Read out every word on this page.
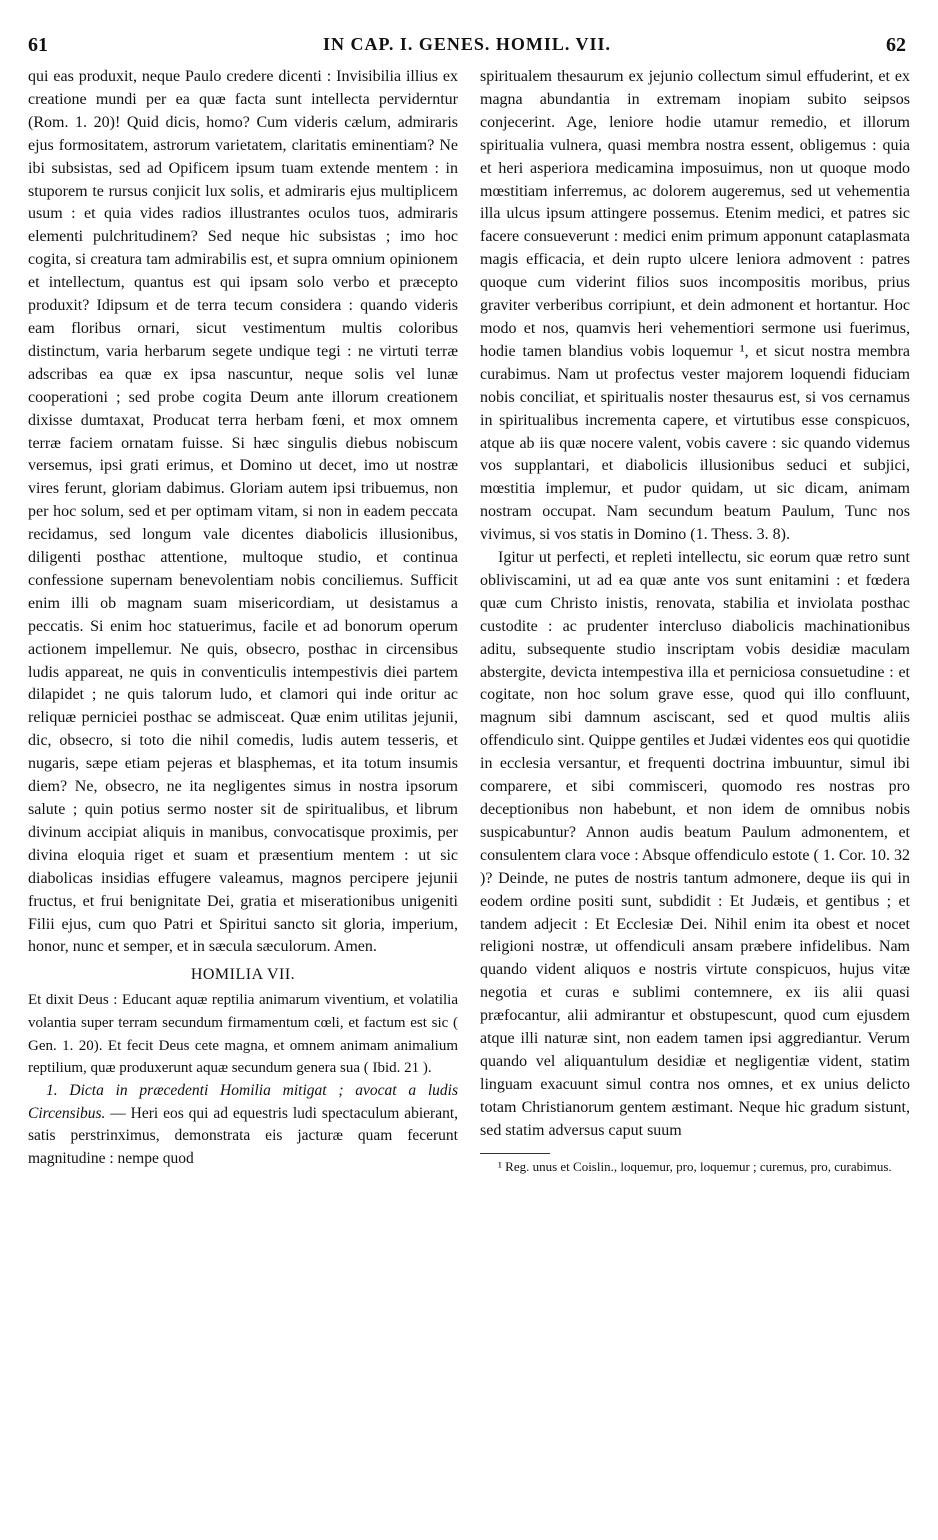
61	IN CAP. I. GENES. HOMIL. VII.	62

qui eas produxit, neque Paulo credere dicenti : Invisibilia illius ex creatione mundi per ea quæ facta sunt intellecta perviderntur (Rom. 1. 20)! Quid dicis, homo? Cum videris cælum, admiraris ejus formositatem, astrorum varietatem, claritatis eminentiam? Ne ibi subsistas, sed ad Opificem ipsum tuam extende mentem : in stuporem te rursus conjicit lux solis, et admiraris ejus multiplicem usum : et quia vides radios illustrantes oculos tuos, admiraris elementi pulchritudinem? Sed neque hic subsistas ; imo hoc cogita, si creatura tam admirabilis est, et supra omnium opinionem et intellectum, quantus est qui ipsam solo verbo et præcepto produxit? Idipsum et de terra tecum considera : quando videris eam floribus ornari, sicut vestimentum multis coloribus distinctum, varia herbarum segete undique tegi : ne virtuti terræ adscribas ea quæ ex ipsa nascuntur, neque solis vel lunæ cooperationi ; sed probe cogita Deum ante illorum creationem dixisse dumtaxat, Producat terra herbam fœni, et mox omnem terræ faciem ornatam fuisse. Si hæc singulis diebus nobiscum versemus, ipsi grati erimus, et Domino ut decet, imo ut nostræ vires ferunt, gloriam dabimus. Gloriam autem ipsi tribuemus, non per hoc solum, sed et per optimam vitam, si non in eadem peccata recidamus, sed longum vale dicentes diabolicis illusionibus, diligenti posthac attentione, multoque studio, et continua confessione supernam benevolentiam nobis conciliemus. Sufficit enim illi ob magnam suam misericordiam, ut desistamus a peccatis. Si enim hoc statuerimus, facile et ad bonorum operum actionem impellemur. Ne quis, obsecro, posthac in circensibus ludis appareat, ne quis in conventiculis intempestivis diei partem dilapidet ; ne quis talorum ludo, et clamori qui inde oritur ac reliquæ perniciei posthac se admisceat. Quæ enim utilitas jejunii, dic, obsecro, si toto die nihil comedis, ludis autem tesseris, et nugaris, sæpe etiam pejeras et blasphemas, et ita totum insumis diem? Ne, obsecro, ne ita negligentes simus in nostra ipsorum salute ; quin potius sermo noster sit de spiritualibus, et librum divinum accipiat aliquis in manibus, convocatisque proximis, per divina eloquia riget et suam et præsentium mentem : ut sic diabolicas insidias effugere valeamus, magnos percipere jejunii fructus, et frui benignitate Dei, gratia et miserationibus unigeniti Filii ejus, cum quo Patri et Spiritui sancto sit gloria, imperium, honor, nunc et semper, et in sæcula sæculorum. Amen.

HOMILIA VII.

Et dixit Deus : Educant aquæ reptilia animarum viventium, et volatilia volantia super terram secundum firmamentum cœli, et factum est sic ( Gen. 1. 20). Et fecit Deus cete magna, et omnem animam animalium reptilium, quæ produxerunt aquæ secundum genera sua ( Ibid. 21 ).

1. Dicta in præcedenti Homilia mitigat ; avocat a ludis Circensibus. — Heri eos qui ad equestris ludi spectaculum abierant, satis perstrinximus, demonstrata eis jacturæ quam fecerunt magnitudine : nempe quod

spiritualem thesaurum ex jejunio collectum simul effuderint, et ex magna abundantia in extremam inopiam subito seipsos conjecerint. Age, leniore hodie utamur remedio, et illorum spiritualia vulnera, quasi membra nostra essent, obligemus : quia et heri asperiora medicamina imposuimus, non ut quoque modo mœstitiam inferremus, ac dolorem augeremus, sed ut vehementia illa ulcus ipsum attingere possemus. Etenim medici, et patres sic facere consueverunt : medici enim primum apponunt cataplasmata magis efficacia, et dein rupto ulcere leniora admovent : patres quoque cum viderint filios suos incompositis moribus, prius graviter verberibus corripiunt, et dein admonent et hortantur. Hoc modo et nos, quamvis heri vehementiori sermone usi fuerimus, hodie tamen blandius vobis loquemur ¹, et sicut nostra membra curabimus. Nam ut profectus vester majorem loquendi fiduciam nobis conciliat, et spiritualis noster thesaurus est, si vos cernamus in spiritualibus incrementa capere, et virtutibus esse conspicuos, atque ab iis quæ nocere valent, vobis cavere : sic quando videmus vos supplantari, et diabolicis illusionibus seduci et subjici, mœstitia implemur, et pudor quidam, ut sic dicam, animam nostram occupat. Nam secundum beatum Paulum, Tunc nos vivimus, si vos statis in Domino (1. Thess. 3. 8).

Igitur ut perfecti, et repleti intellectu, sic eorum quæ retro sunt obliviscamini, ut ad ea quæ ante vos sunt enitamini : et fœdera quæ cum Christo inistis, renovata, stabilia et inviolata posthac custodite : ac prudenter intercluso diabolicis machinationibus aditu, subsequente studio inscriptam vobis desidiæ maculam abstergite, devicta intempestiva illa et perniciosa consuetudine : et cogitate, non hoc solum grave esse, quod qui illo confluunt, magnum sibi damnum asciscant, sed et quod multis aliis offendiculo sint. Quippe gentiles et Judæi videntes eos qui quotidie in ecclesia versantur, et frequenti doctrina imbuuntur, simul ibi comparere, et sibi commisceri, quomodo res nostras pro deceptionibus non habebunt, et non idem de omnibus nobis suspicabuntur? Annon audis beatum Paulum admonentem, et consulentem clara voce : Absque offendiculo estote ( 1. Cor. 10. 32 )? Deinde, ne putes de nostris tantum admonere, deque iis qui in eodem ordine positi sunt, subdidit : Et Judæis, et gentibus ; et tandem adjecit : Et Ecclesiæ Dei. Nihil enim ita obest et nocet religioni nostræ, ut offendiculi ansam præbere infidelibus. Nam quando vident aliquos e nostris virtute conspicuos, hujus vitæ negotia et curas e sublimi contemnere, ex iis alii quasi præfocantur, alii admirantur et obstupescunt, quod cum ejusdem atque illi naturæ sint, non eadem tamen ipsi aggrediantur. Verum quando vel aliquantulum desidiæ et negligentiæ vident, statim linguam exacuunt simul contra nos omnes, et ex unius delicto totam Christianorum gentem æstimant. Neque hic gradum sistunt, sed statim adversus caput suum

¹ Reg. unus et Coislin., loquemur, pro, loquemur ; curemus, pro, curabimus.
